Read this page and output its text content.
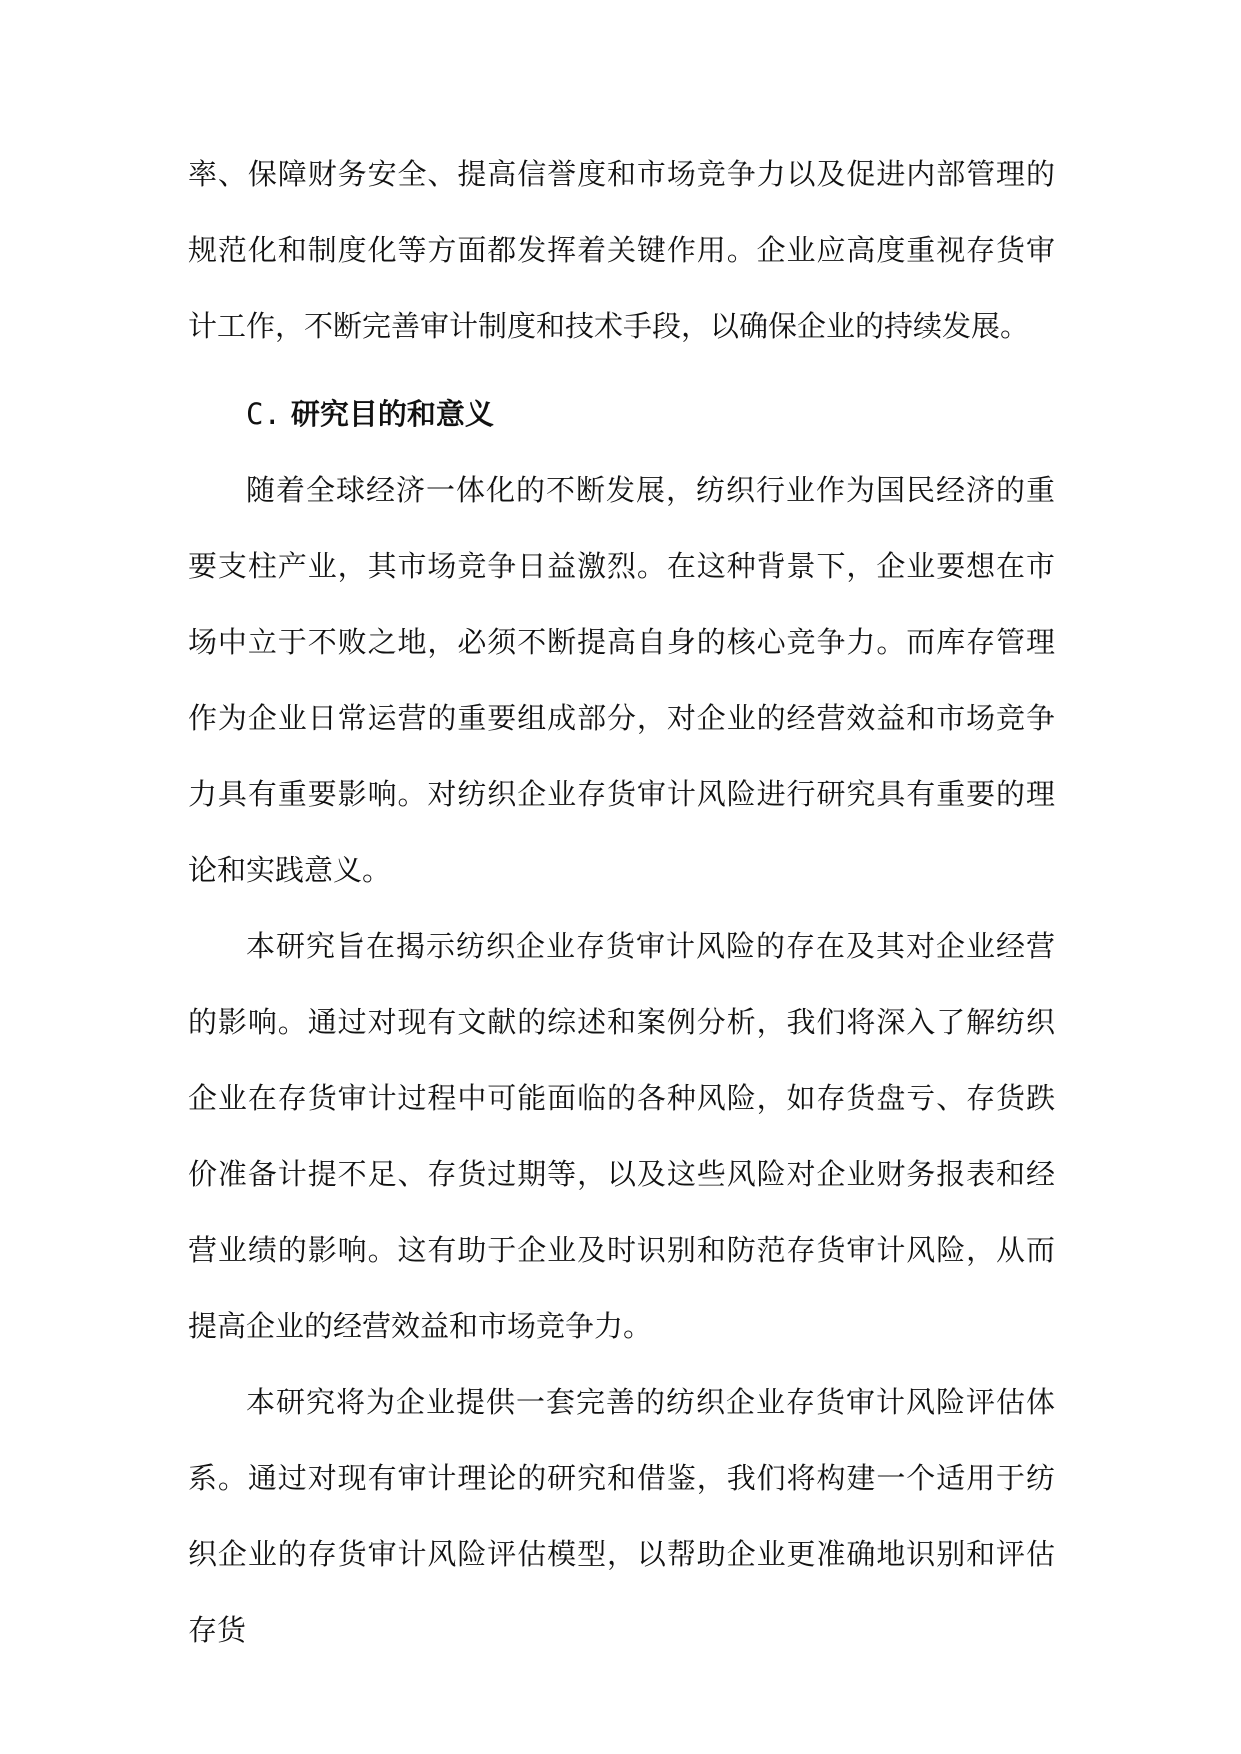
率、保障财务安全、提高信誉度和市场竞争力以及促进内部管理的规范化和制度化等方面都发挥着关键作用。企业应高度重视存货审计工作，不断完善审计制度和技术手段，以确保企业的持续发展。

C. 研究目的和意义

随着全球经济一体化的不断发展，纺织行业作为国民经济的重要支柱产业，其市场竞争日益激烈。在这种背景下，企业要想在市场中立于不败之地，必须不断提高自身的核心竞争力。而库存管理作为企业日常运营的重要组成部分，对企业的经营效益和市场竞争力具有重要影响。对纺织企业存货审计风险进行研究具有重要的理论和实践意义。

本研究旨在揭示纺织企业存货审计风险的存在及其对企业经营的影响。通过对现有文献的综述和案例分析，我们将深入了解纺织企业在存货审计过程中可能面临的各种风险，如存货盘亏、存货跌价准备计提不足、存货过期等，以及这些风险对企业财务报表和经营业绩的影响。这有助于企业及时识别和防范存货审计风险，从而提高企业的经营效益和市场竞争力。

本研究将为企业提供一套完善的纺织企业存货审计风险评估体系。通过对现有审计理论的研究和借鉴，我们将构建一个适用于纺织企业的存货审计风险评估模型，以帮助企业更准确地识别和评估存货
